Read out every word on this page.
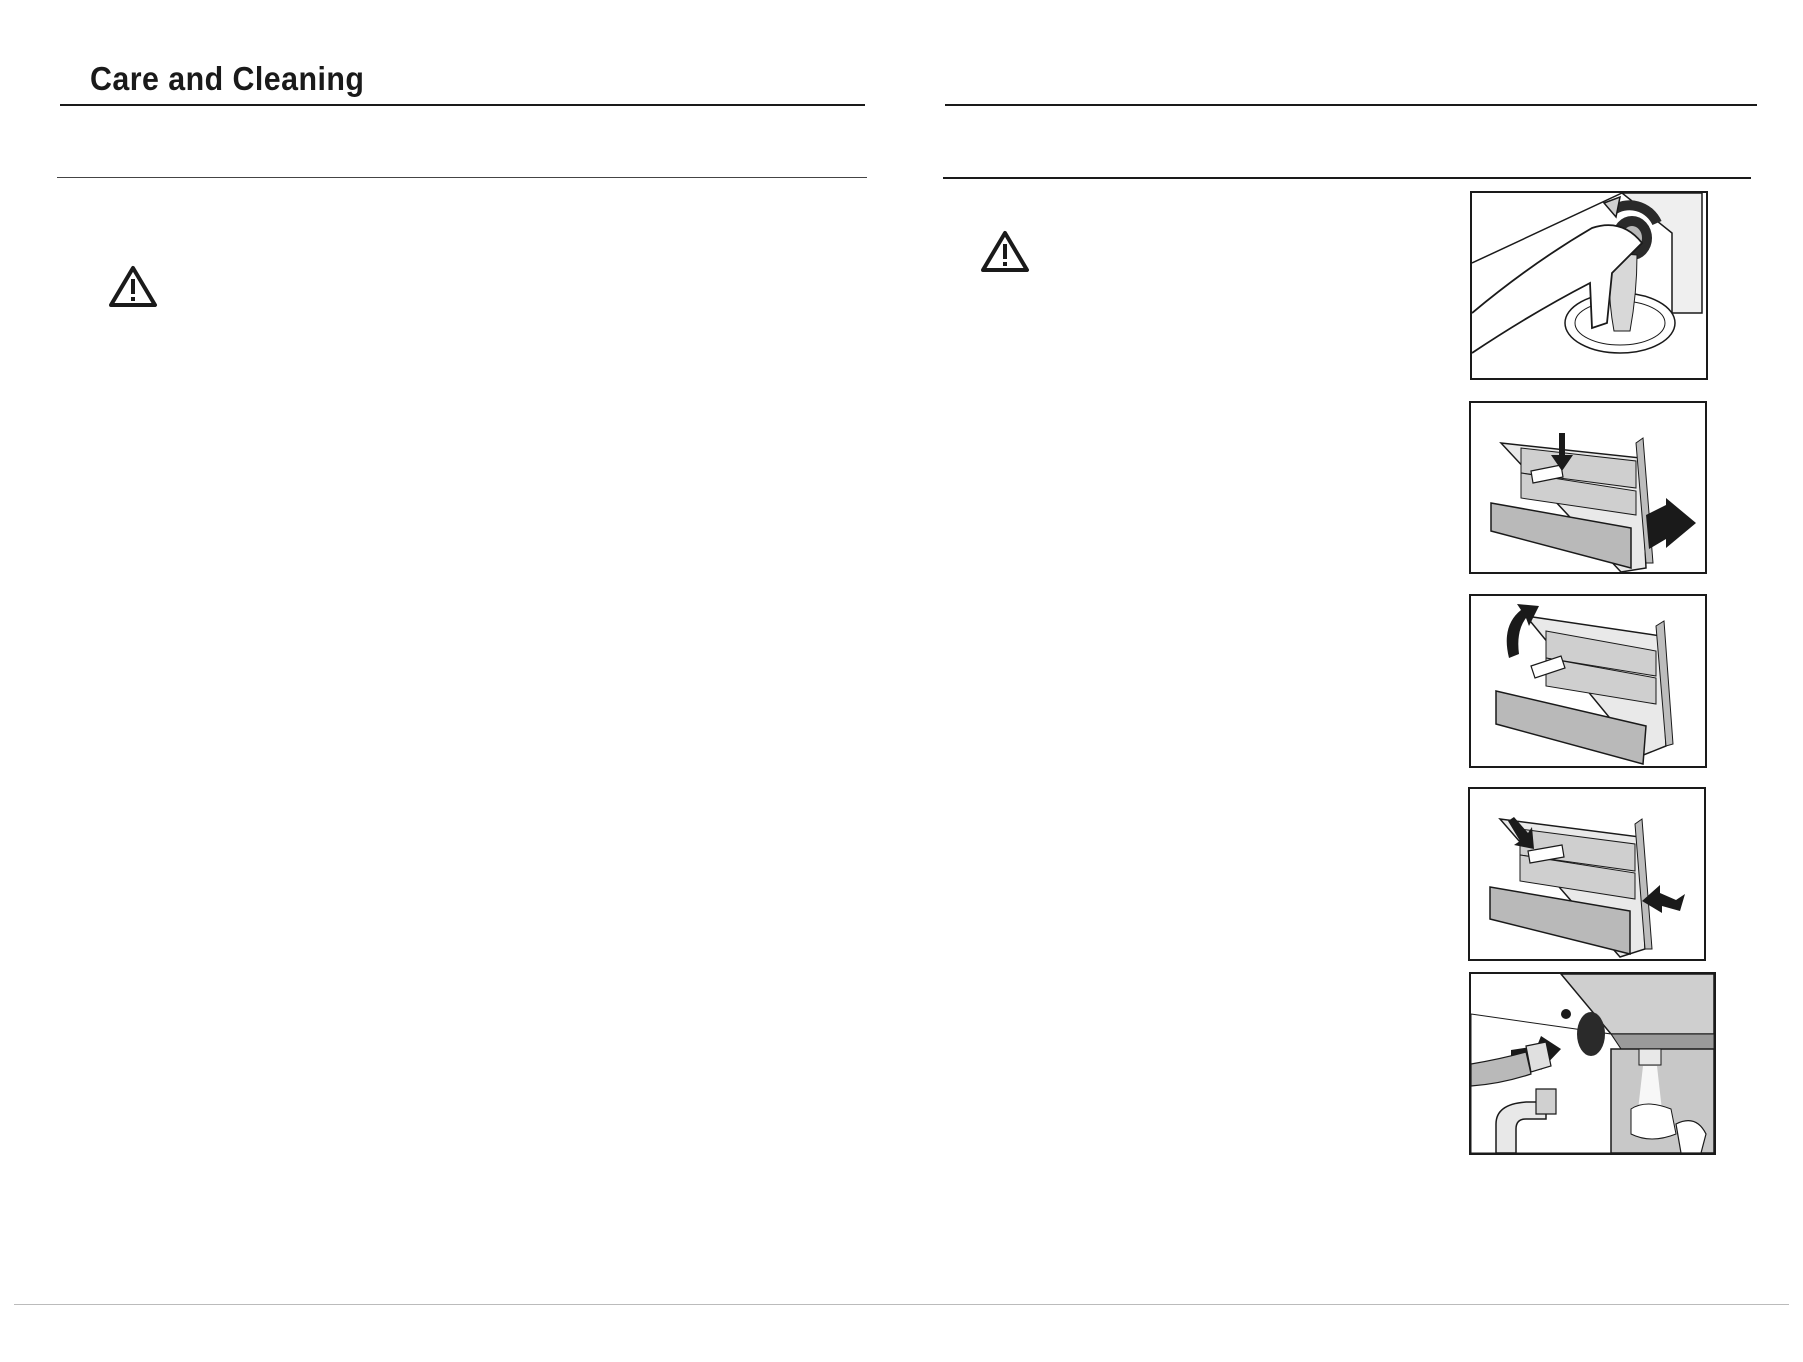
Care and Cleaning
